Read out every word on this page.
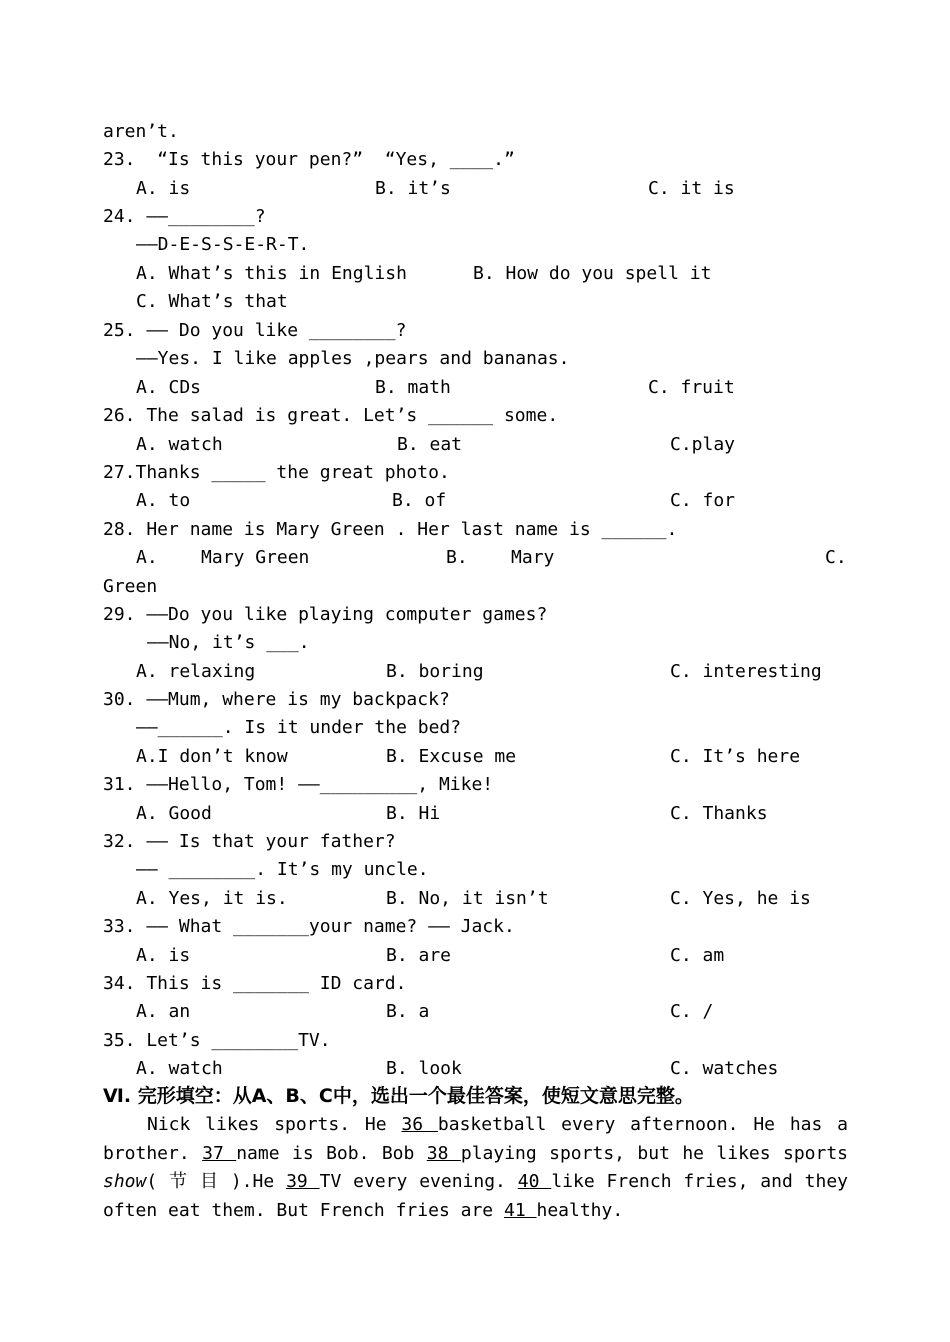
aren’t.
23.  “Is this your pen?”  “Yes, ____.”
A. is	B. it’s	C. it is
24. ——________?
——D-E-S-S-E-R-T.
A. What’s this in English	B. How do you spell it
C. What’s that
25. —— Do you like ________?
——Yes. I like apples ,pears and bananas.
A. CDs	B. math	C. fruit
26. The salad is great. Let’s ______ some.
A. watch	B. eat	C.play
27.Thanks _____ the great photo.
A. to	B. of	C. for
28. Her name is Mary Green . Her last name is ______.
A.    Mary Green	B.    Mary	C.
Green
29. ——Do you like playing computer games?
——No, it’s ___.
A. relaxing	B. boring	C. interesting
30. ——Mum, where is my backpack?
——______. Is it under the bed?
A.I don’t know	B. Excuse me	C. It’s here
31. ——Hello, Tom! ——_________, Mike!
A. Good	B. Hi	C. Thanks
32. —— Is that your father?
—— ________. It’s my uncle.
A. Yes, it is.	B. No, it isn’t	C. Yes, he is
33. —— What _______your name? —— Jack.
A. is	B. are	C. am
34. This is _______ ID card.
A. an	B. a	C. /
35. Let’s ________TV.
A. watch	B. look	C. watches
Ⅵ. 完形填空：从A、B、C中，选出一个最佳答案，使短文意思完整。

Nick likes sports. He 36 basketball every afternoon. He has a brother. 37 name is Bob. Bob 38 playing sports, but he likes sports show( 节 目 ).He 39 TV every evening. 40 like French fries, and they often eat them. But French fries are 41 healthy.
